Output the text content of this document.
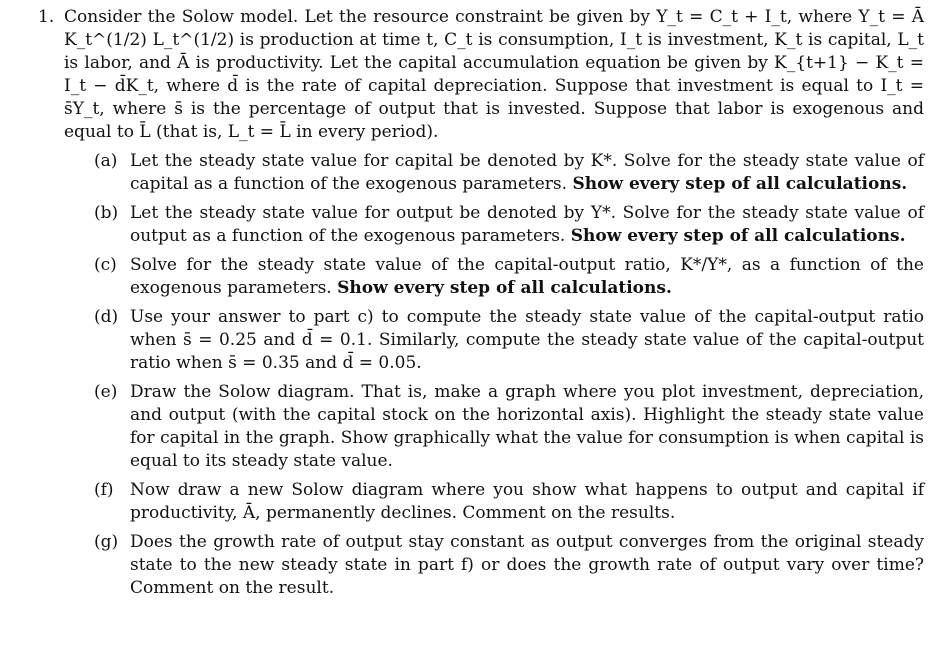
1. Consider the Solow model. Let the resource constraint be given by Y_t = C_t + I_t, where Y_t = Ā K_t^(1/2) L_t^(1/2) is production at time t, C_t is consumption, I_t is investment, K_t is capital, L_t is labor, and Ā is productivity. Let the capital accumulation equation be given by K_{t+1} − K_t = I_t − d̄K_t, where d̄ is the rate of capital depreciation. Suppose that investment is equal to I_t = s̄Y_t, where s̄ is the percentage of output that is invested. Suppose that labor is exogenous and equal to L̄ (that is, L_t = L̄ in every period).
(a) Let the steady state value for capital be denoted by K*. Solve for the steady state value of capital as a function of the exogenous parameters. Show every step of all calculations.
(b) Let the steady state value for output be denoted by Y*. Solve for the steady state value of output as a function of the exogenous parameters. Show every step of all calculations.
(c) Solve for the steady state value of the capital-output ratio, K*/Y*, as a function of the exogenous parameters. Show every step of all calculations.
(d) Use your answer to part c) to compute the steady state value of the capital-output ratio when s̄ = 0.25 and d̄ = 0.1. Similarly, compute the steady state value of the capital-output ratio when s̄ = 0.35 and d̄ = 0.05.
(e) Draw the Solow diagram. That is, make a graph where you plot investment, depreciation, and output (with the capital stock on the horizontal axis). Highlight the steady state value for capital in the graph. Show graphically what the value for consumption is when capital is equal to its steady state value.
(f) Now draw a new Solow diagram where you show what happens to output and capital if productivity, Ā, permanently declines. Comment on the results.
(g) Does the growth rate of output stay constant as output converges from the original steady state to the new steady state in part f) or does the growth rate of output vary over time? Comment on the result.
